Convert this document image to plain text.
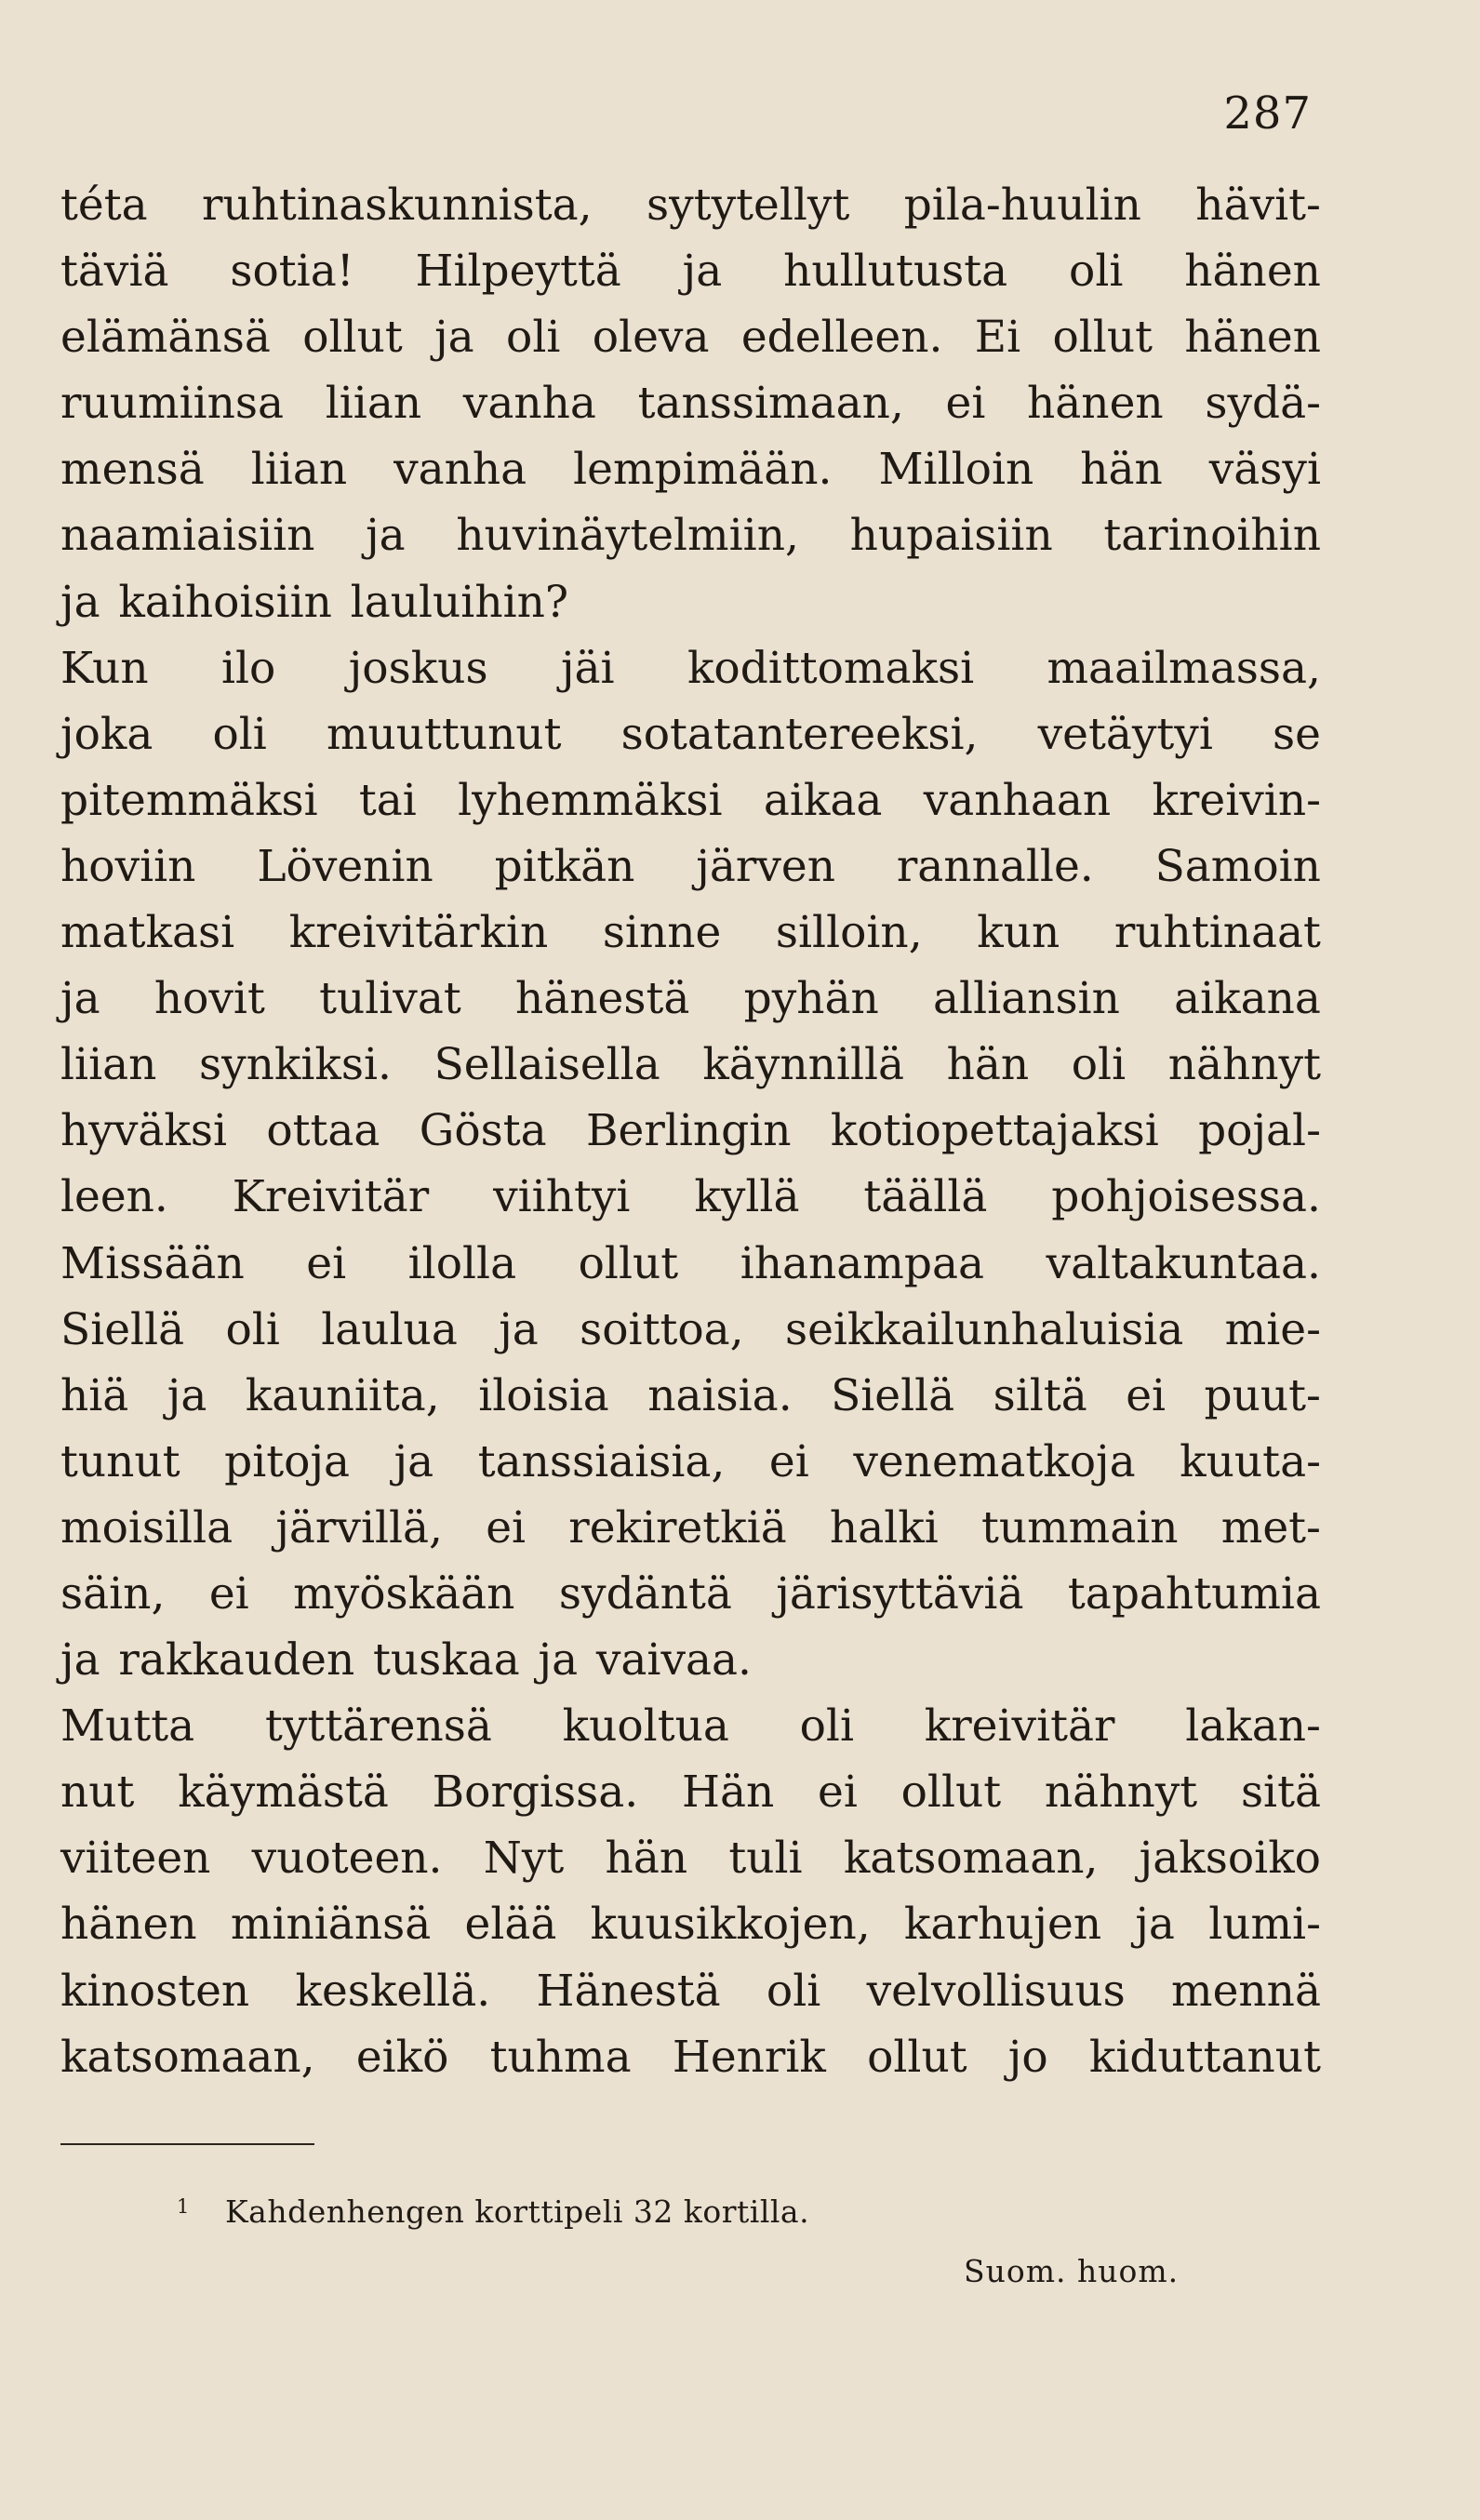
287
téta ruhtinaskunnista, sytytellyt pila-huulin hävit-
täviä sotia! Hilpeyttä ja hullutusta oli hänen
elämänsä ollut ja oli oleva edelleen. Ei ollut hänen
ruumiinsa liian vanha tanssimaan, ei hänen sydä-
mensä liian vanha lempimään. Milloin hän väsyi
naamiaisiin ja huvinäytelmiin, hupaisiin tarinoihin
ja kaihoisiin lauluihin?
Kun ilo joskus jäi kodittomaksi maailmassa,
joka oli muuttunut sotatantereeksi, vetäytyi se
pitemmäksi tai lyhemmäksi aikaa vanhaan kreivin-
hoviin Lövenin pitkän järven rannalle. Samoin
matkasi kreivitärkin sinne silloin, kun ruhtinaat
ja hovit tulivat hänestä pyhän alliansin aikana
liian synkiksi. Sellaisella käynnillä hän oli nähnyt
hyväksi ottaa Gösta Berlingin kotiopettajaksi pojal-
leen. Kreivitär viihtyi kyllä täällä pohjoisessa.
Missään ei ilolla ollut ihanampaa valtakuntaa.
Siellä oli laulua ja soittoa, seikkailunhaluisia mie-
hiä ja kauniita, iloisia naisia. Siellä siltä ei puut-
tunut pitoja ja tanssiaisia, ei venematkoja kuuta-
moisilla järvillä, ei rekiretkiä halki tummain met-
säin, ei myöskään sydäntä järisyttäviä tapahtumia
ja rakkauden tuskaa ja vaivaa.
Mutta tyttärensä kuoltua oli kreivitär lakan-
nut käymästä Borgissa. Hän ei ollut nähnyt sitä
viiteen vuoteen. Nyt hän tuli katsomaan, jaksoiko
hänen miniänsä elää kuusikkojen, karhujen ja lumi-
kinosten keskellä. Hänestä oli velvollisuus mennä
katsomaan, eikö tuhma Henrik ollut jo kiduttanut
1 Kahdenhengen korttipeli 32 kortilla.
Suom. huom.
